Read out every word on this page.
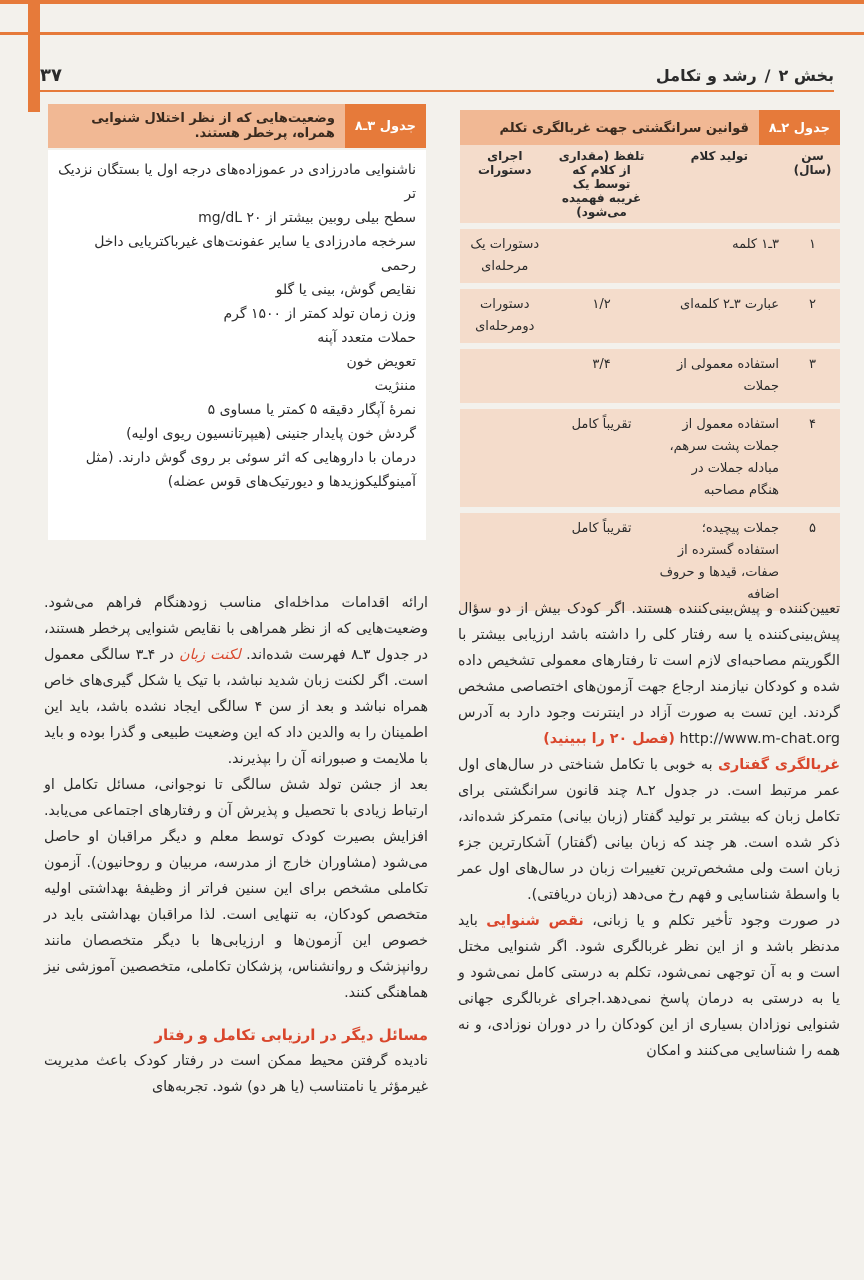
بخش ۲
/
رشد و تکامل
۳۷
جدول ۲ـ۸
قوانین سرانگشتی جهت غربالگری تکلم
سن (سال)	تولید کلام	تلفظ (مقداری از کلام که توسط یک غریبه فهمیده می‌شود)	اجرای دستورات
۱	۳ـ۱ کلمه		دستورات یک مرحله‌ای
۲	عبارت ۳ـ۲ کلمه‌ای	۱/۲	دستورات دومرحله‌ای
۳	استفاده معمولی از جملات	۳/۴	
۴	استفاده معمول از جملات پشت سرهم، مبادله جملات در هنگام مصاحبه	تقریباً کامل	
۵	جملات پیچیده؛ استفاده گسترده از صفات، قیدها و حروف اضافه	تقریباً کامل	
جدول ۳ـ۸
وضعیت‌هایی که از نظر اختلال شنوایی همراه، پرخطر هستند.
ناشنوایی مادرزادی در عموزاده‌های درجه اول یا بستگان نزدیک تر
سطح بیلی روبین بیشتر از ۲۰ mg/dL
سرخجه مادرزادی یا سایر عفونت‌های غیرباکتریایی داخل رحمی
نقایص گوش، بینی یا گلو
وزن زمان تولد کمتر از ۱۵۰۰ گرم
حملات متعدد آپنه
تعویض خون
مننژیت
نمرهٔ آپگار دقیقه ۵ کمتر یا مساوی ۵
گردش خون پایدار جنینی (هیپرتانسیون ریوی اولیه)
درمان با داروهایی که اثر سوئی بر روی گوش دارند. (مثل آمینوگلیکوزیدها و دیورتیک‌های قوس عضله)

تعیین‌کننده و پیش‌بینی‌کننده هستند. اگر کودک بیش از دو سؤال پیش‌بینی‌کننده یا سه رفتار کلی را داشته باشد ارزیابی بیشتر با الگوریتم مصاحبه‌ای لازم است تا رفتارهای معمولی تشخیص داده شده و کودکان نیازمند ارجاع جهت آزمون‌های اختصاصی مشخص گردند. این تست به صورت آزاد در اینترنت وجود دارد به آدرس http://www.m-chat.org (فصل ۲۰ را ببینید)

غربالگری گفتاری به خوبی با تکامل شناختی در سال‌های اول عمر مرتبط است. در جدول ۲ـ۸ چند قانون سرانگشتی برای تکامل زبان که بیشتر بر تولید گفتار (زبان بیانی) متمرکز شده‌اند، ذکر شده است. هر چند که زبان بیانی (گفتار) آشکارترین جزء زبان است ولی مشخص‌ترین تغییرات زبان در سال‌های اول عمر با واسطهٔ شناسایی و فهم رخ می‌دهد (زبان دریافتی).

در صورت وجود تأخیر تکلم و یا زبانی، نقص شنوایی باید مدنظر باشد و از این نظر غربالگری شود. اگر شنوایی مختل است و به آن توجهی نمی‌شود، تکلم به درستی کامل نمی‌شود و یا به درستی به درمان پاسخ نمی‌دهد.اجرای غربالگری جهانی شنوایی نوزادان بسیاری از این کودکان را در دوران نوزادی، و نه همه را شناسایی می‌کنند و امکان

ارائه اقدامات مداخله‌ای مناسب زودهنگام فراهم می‌شود. وضعیت‌هایی که از نظر همراهی با نقایص شنوایی پرخطر هستند، در جدول ۳ـ۸ فهرست شده‌اند. لکنت زبان در ۴ـ۳ سالگی معمول است. اگر لکنت زبان شدید نباشد، با تیک یا شکل گیری‌های خاص همراه نباشد و بعد از سن ۴ سالگی ایجاد نشده باشد، باید این اطمینان را به والدین داد که این وضعیت طبیعی و گذرا بوده و باید با ملایمت و صبورانه آن را بپذیرند.

بعد از جشن تولد شش سالگی تا نوجوانی، مسائل تکامل او ارتباط زیادی با تحصیل و پذیرش آن و رفتارهای اجتماعی می‌یابد. افزایش بصیرت کودک توسط معلم و دیگر مراقبان او حاصل می‌شود (مشاوران خارج از مدرسه، مربیان و روحانیون). آزمون تکاملی مشخص برای این سنین فراتر از وظیفهٔ بهداشتی اولیه متخصص کودکان، به تنهایی است. لذا مراقبان بهداشتی باید در خصوص این آزمون‌ها و ارزیابی‌ها با دیگر متخصصان مانند روانپزشک و روانشناس، پزشکان تکاملی، متخصصین آموزشی نیز هماهنگی کنند.

مسائل دیگر در ارزیابی تکامل و رفتار

نادیده گرفتن محیط ممکن است در رفتار کودک باعث مدیریت غیرمؤثر یا نامتناسب (یا هر دو) شود. تجربه‌های
